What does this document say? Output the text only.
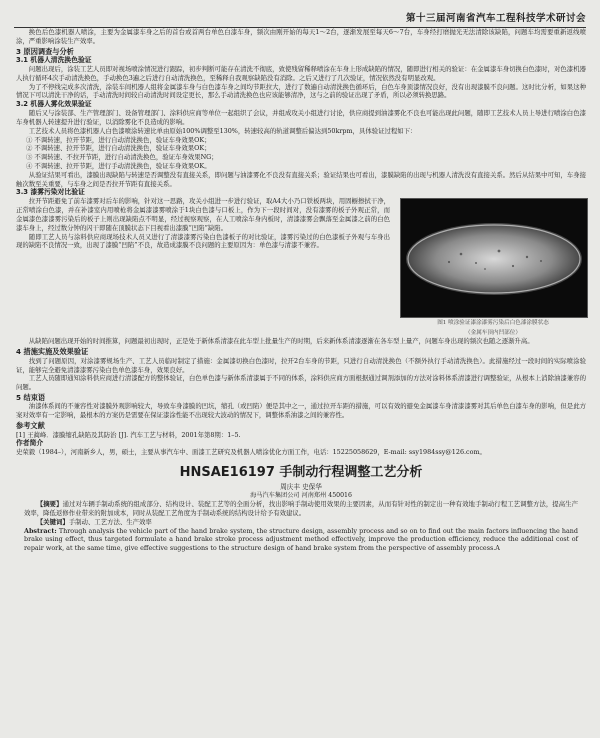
第十三届河南省汽车工程科技学术研讨会

换色后色漆机器人喷涂，主要为金属漆车身之后的首台或首两台单色白漆车身，频次由刚开始的每天1～2台，逐渐发展至每天6～7台，车身经打磨抛光无法清除该缺陷，问题车均需要重新返线喷涂，严重影响涂装生产效率。

3 原因调查与分析
3.1 机器人清洗换色验证

问题出现后，涂装工艺人员即对视场喷涂情况进行跟踪，初步判断可能存在清洗不彻底，致使残留稀释喷涂在车身上形成缺陷的情况，随即进行相关的验证：在金属漆车身切换白色漆时，对色漆机器人执行循环4次手动清洗换色，手动换色3遍之后进行自动清洗换色，至稀释自我观察缺陷没有消除。之后又进行了几次验证，情况依然没有明显改观。

为了不停线完成多次清洗，涂装车间机器人组将金属漆车身与白色漆车身之间均节距拉大，进行了数遍自动清洗换色循环后，白色车身顶漆情况良好，没有出现漆膜不良问题。这时比分析，如果这种情况下可以清洗干净的话，手动清洗时间较自动清洗时间设定更长，那么手动清洗换色也应该能够清净，这与之前的验证出现了矛盾，所以必须转换思路。

3.2 机器人雾化效果验证

随后又与涂装部、生产管理部门、设备管理部门、涂料供应商等单位一起组织了会议，并组成攻关小组进行讨论，供应商提到油漆雾化不良也可能出现此问题，随即工艺技术人员上导进行喷涂白色漆车身机器人转速提升进行验证，以消除雾化不良造成的影响。

工艺技术人员将色漆机器人白色漆喷涂转速比单由原始100%调整至130%，转速较高的轨道调整后偏达到50krpm，具体验证过程如下：

① 不调转速，拉开节距，进行自动清洗换色，验证车身效果OK；

② 不调转速、拉开节距，进行自动清洗换色，验证车身效果OK；

③ 不调转速、不拉开节距，进行自动清洗换色，验证车身效果NG；

④ 不调转速、拉开节距，进行手动清洗换色，验证车身效果OK。

从验证结果可看出，漆膜出现缺陷与转速是否调整没有直接关系，即问题与油漆雾化不良没有直接关系；验证结果也可看出，漆膜缺陷的出现与机器人清洗没有直接关系。然后从结果中可知，车身接触次数至关重要，与车身之间是否拉开节距有直接关系。

3.3 漆雾污染对比验证

拉开节距避免了前车漆雾对后车的影响，针对这一思路，攻关小组进一步进行验证，取A4大小乃口铁板两块，用固橱擦拭干净，正常喷涂白色漆，并在补漆室内用喷枪将金属漆漆雾喷涂于1块白色漆与口板上，作为下一段时间对，没有漆雾的板子外观正常，而金属漆色漆漆雾污染后的板子上则出现缺陷点不明显，经过视察观察，在人工喷涂车身内板时，清漆漆雾会飘落至金属漆之前的白色漆车身上，经过数分钟的闪干即随在顶膜状态下目视看出漆膜“凹陷”缺陷。

随即工艺人员与涂料供应商现场技术人员又进行了清漆漆雾污染白色漆板子的对比验证，漆雾污染过的白色漆板子外观与车身出现的缺陷不良情况一致，出现了漆膜“凹陷”不良，故造成漆膜不良问题的主要原因为：单色漆与清漆不兼容。

图1 喷涂验证漆涂漆雾污染后白色漆涂膜状态
（金属车顶内凹部位）

从缺陷问题出现开始的时间推算，问题最初出现时，正是处于新体系清漆在此车型上批量生产的时期，后来新体系清漆逐渐在各车型上量产，问题车身出现的频次也随之逐渐升高。

4 措施实施及效果验证

找到了问题原因，对涂漆雾规场生产、工艺人员临时制定了措施：金属漆切换白色漆时，拉开2台车身的节距，只进行自动清洗换色（不额外执行手动清洗换色）。此措施经过一段时间的实际喷涂验证，能够完全避免清漆漆雾污染白色单色漆车身，效果良好。

工艺人员随即通知涂料供应商进行清漆配方的整体验证，白色单色漆与新体系清漆属于不同的体系，涂料供应商方面根据通过调剂添加的方法对涂料体系清漆进行调整验证，从根本上消除油漆兼容的问题。

5 结束语

油漆体系间的不兼容性对漆膜外观影响较大，导致车身漆膜的凹坑，缩孔（或凹陷）便是其中之一，通过拉开车距的措施，可以有效的避免金属漆车身清漆漆雾对其后单色白漆车身的影响，但是此方案对效率有一定影响，最根本的方案仍是需要在保证漆涂性能不出现较大波动的情况下，调整体系油漆之间的兼容性。

参考文献

[1] 王蔺峰．漆膜缩孔缺陷及其防治 [J]. 汽车工艺与材料，2001年第8期：1–5.

作者简介

史荣毅（1984–），河南新乡人，男，硕士，主要从事汽车中、面漆工艺研究及机器人喷涂优化方面工作，电话：15225058629，E-mail: ssy1984ssy@126.com。

HNSAE16197 手制动行程调整工艺分析
周庆丰 史保华
海马汽车集团公司 河南郑州 450016

【摘要】通过对车辆手制动系统的组成部分、结构设计、装配工艺等的全面分析，找出影响手制动使用效果的主要因素，从而有针对性的制定出一种有效地手制动行程工艺调整方法，提高生产效率，降低返修作业带来的附加成本，同时从装配工艺角度为手制动系统的结构设计给予有效建议。

【关键词】手制动、工艺方法、生产效率

Abstract: Through analysis the vehicle part of the hand brake system, the structure design, assembly process and so on to find out the main factors influencing the hand brake using effect, thus targeted formulate a hand brake stroke process adjustment method effectively, improve the production efficiency, reduce the additional cost of repair work, at the same time, give effective suggestions to the structure design of hand brake system from the perspective of assembly process.A
